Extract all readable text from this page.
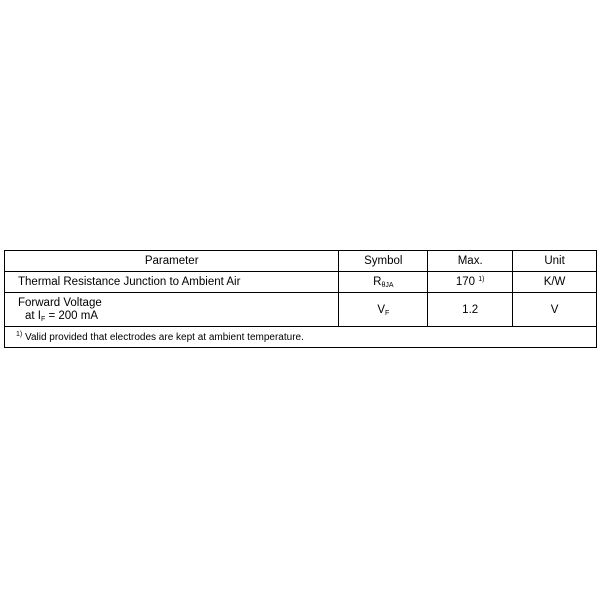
Parameter	Symbol	Max.	Unit
Thermal Resistance Junction to Ambient Air	$R_{\theta JA}$	170 $^{1)}$	K/W

Forward Voltage
at $I_F = 200$ mA	$V_F$	1.2	V
$^{1)}$ Valid provided that electrodes are kept at ambient temperature.			
